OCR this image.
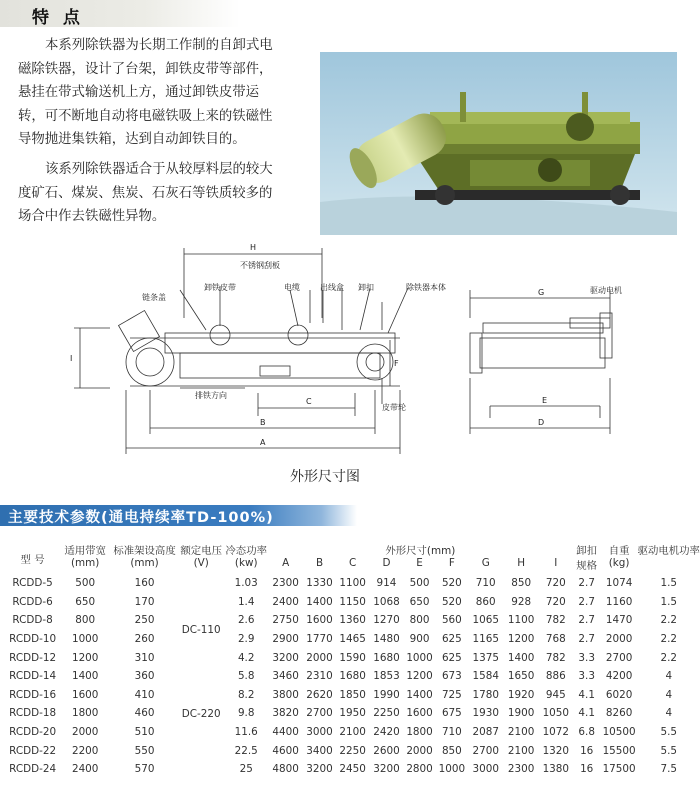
特 点
本系列除铁器为长期工作制的自卸式电
磁除铁器，设计了台架，卸铁皮带等部件，
悬挂在带式输送机上方，通过卸铁皮带运
转，可不断地自动将电磁铁吸上来的铁磁性
导物抛进集铁箱，达到自动卸铁目的。
该系列除铁器适合于从较厚料层的较大
度矿石、煤炭、焦炭、石灰石等铁质较多的
场合中作去铁磁性异物。
H
不锈钢刮板
链条盖
卸铁皮带	电缆	出线盒 卸扣	除铁器本体
排铁方向
皮带轮
驱动电机
I
F
C
B
A
G
E
D
外形尺寸图
主要技术参数(通电持续率TD-100%)
型 号	适用带宽	标准架设高度	额定电压	冷态功率	外形尺寸(mm)									卸扣	自重	驱动电机功率
	(mm)	(mm)	(V)	(kw)	A	B	C	D	E	F	G	H	I	规格	(kg)	
RCDD-5	500	160	DC-110	1.03	2300	1330	1100	914	500	520	710	850	720	2.7	1074	1.5
RCDD-6	650	170		1.4	2400	1400	1150	1068	650	520	860	928	720	2.7	1160	1.5
RCDD-8	800	250		2.6	2750	1600	1360	1270	800	560	1065	1100	782	2.7	1470	2.2
RCDD-10	1000	260		2.9	2900	1770	1465	1480	900	625	1165	1200	768	2.7	2000	2.2
RCDD-12	1200	310		4.2	3200	2000	1590	1680	1000	625	1375	1400	782	3.3	2700	2.2
RCDD-14	1400	360		5.8	3460	2310	1680	1853	1200	673	1584	1650	886	3.3	4200	4
RCDD-16	1600	410	DC-220	8.2	3800	2620	1850	1990	1400	725	1780	1920	945	4.1	6020	4
RCDD-18	1800	460		9.8	3820	2700	1950	2250	1600	675	1930	1900	1050	4.1	8260	4
RCDD-20	2000	510		11.6	4400	3000	2100	2420	1800	710	2087	2100	1072	6.8	10500	5.5
RCDD-22	2200	550		22.5	4600	3400	2250	2600	2000	850	2700	2100	1320	16	15500	5.5
RCDD-24	2400	570		25	4800	3200	2450	3200	2800	1000	3000	2300	1380	16	17500	7.5
